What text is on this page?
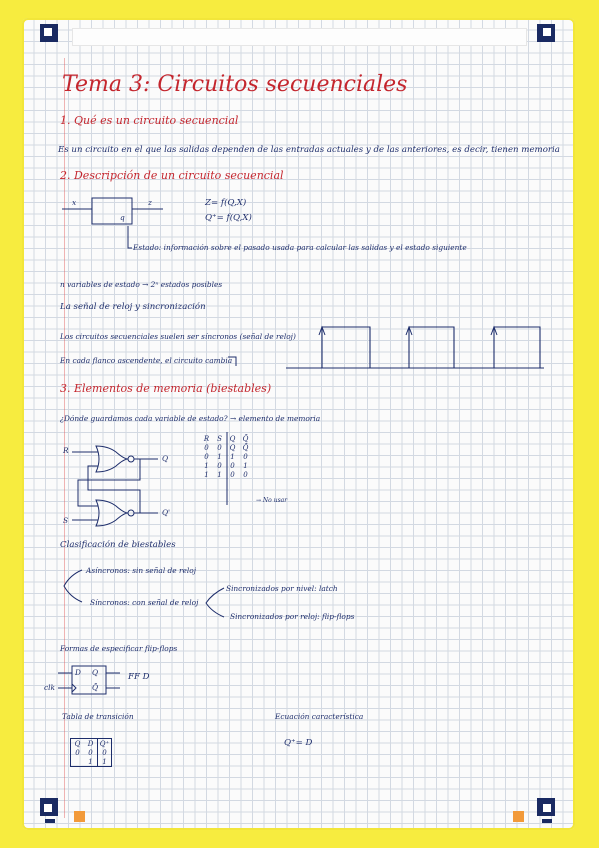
Tema 3: Circuitos secuenciales
1. Qué es un circuito secuencial
Es un circuito en el que las salidas dependen de las entradas actuales y de las anteriores, es decir, tienen memoria
2. Descripción de un circuito secuencial
x	z
q
Z= f(Q,X)
Q⁺= f(Q,X)
Estado: información sobre el pasado usada para calcular las salidas y el estado siguiente
n variables de estado → 2ⁿ estados posibles
La señal de reloj y sincronización
Los circuitos secuenciales suelen ser síncronos (señal de reloj)
En cada flanco ascendente, el circuito cambia
3. Elementos de memoria (biestables)
¿Dónde guardamos cada variable de estado? → elemento de memoria
R
S
Q
Q'
R	S	Q	Q̄
0	0	Q	Q̄
0	1	1	0
1	0	0	1
1	1	0	0
→ No usar
Clasificación de biestables
Asíncronos: sin señal de reloj
Síncronos: con señal de reloj
Sincronizados por nivel: latch
Sincronizados por reloj: flip-flops
Formas de especificar flip-flops
D
clk
Q
Q̄
FF D
Tabla de transición
Q	D	Q⁺
0	0	0
	1	1
Ecuación característica
Q⁺= D
